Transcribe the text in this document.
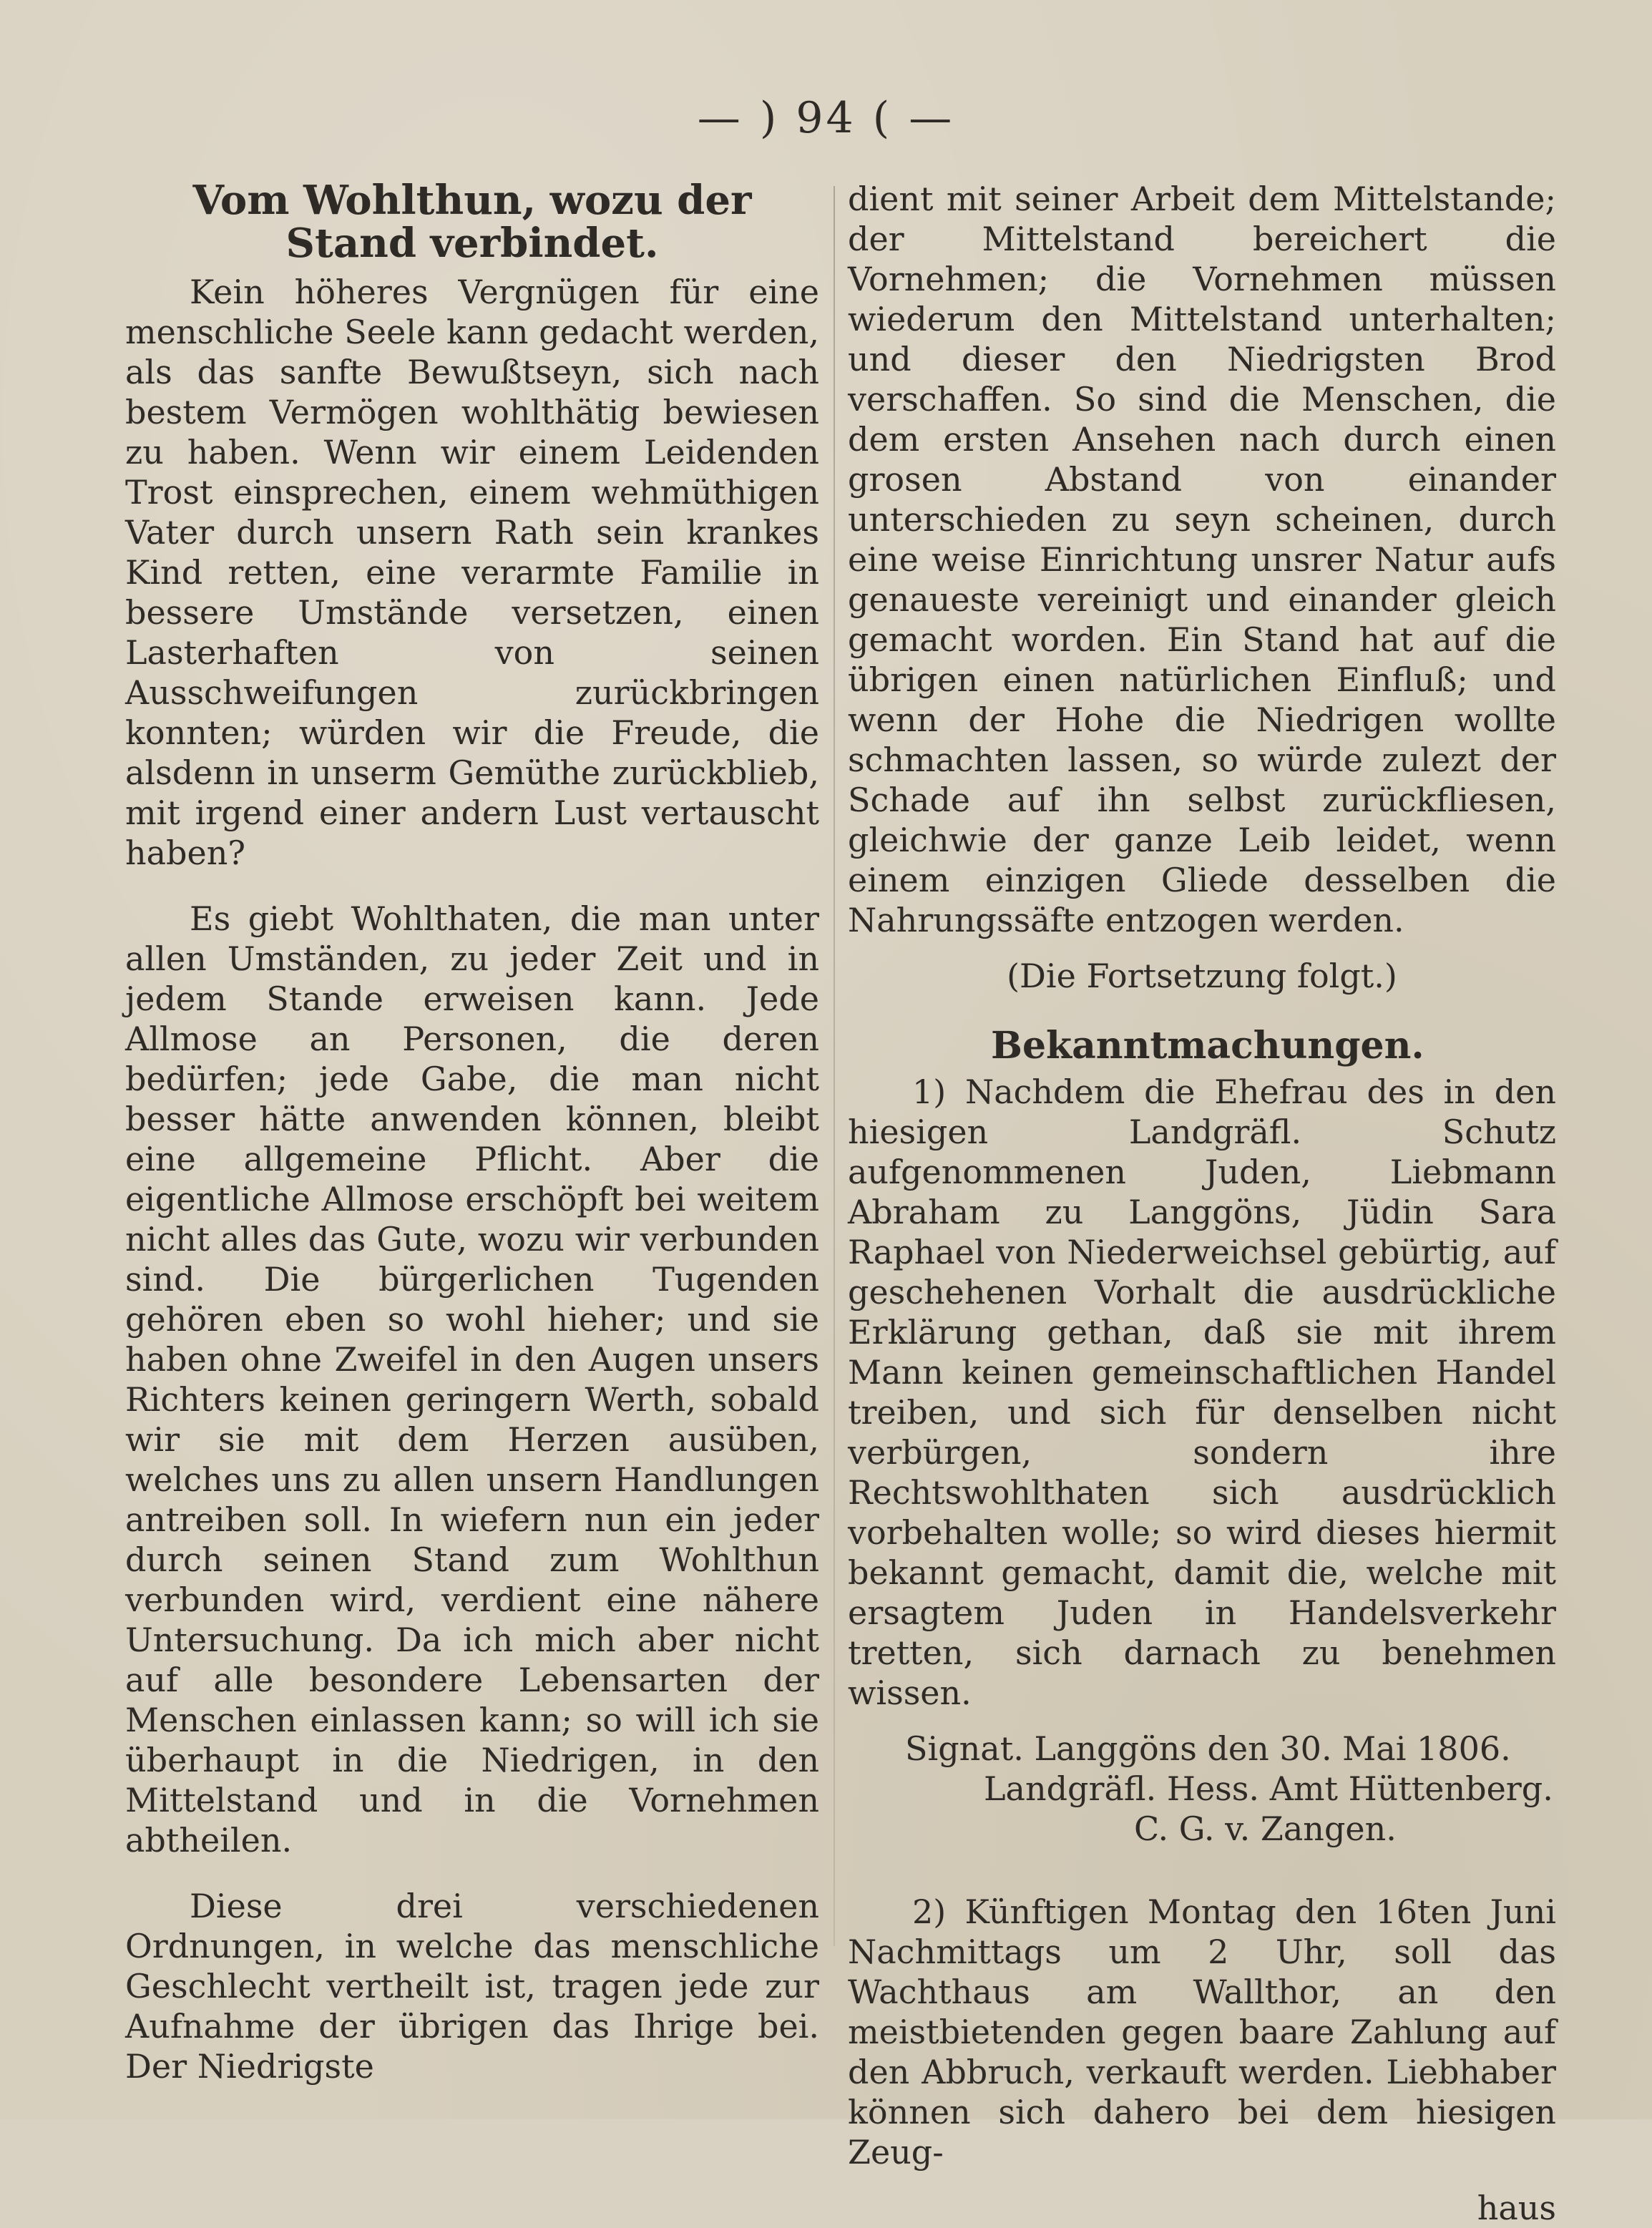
— ) 94 ( —

Vom Wohlthun, wozu der Stand verbindet.

Kein höheres Vergnügen für eine menschliche Seele kann gedacht werden, als das sanfte Bewußtseyn, sich nach bestem Vermögen wohlthätig bewiesen zu haben. Wenn wir einem Leidenden Trost einsprechen, einem wehmüthigen Vater durch unsern Rath sein krankes Kind retten, eine verarmte Familie in bessere Umstände versetzen, einen Lasterhaften von seinen Ausschweifungen zurückbringen konnten; würden wir die Freude, die alsdenn in unserm Gemüthe zurückblieb, mit irgend einer andern Lust vertauscht haben?

Es giebt Wohlthaten, die man unter allen Umständen, zu jeder Zeit und in jedem Stande erweisen kann. Jede Allmose an Personen, die deren bedürfen; jede Gabe, die man nicht besser hätte anwenden können, bleibt eine allgemeine Pflicht. Aber die eigentliche Allmose erschöpft bei weitem nicht alles das Gute, wozu wir verbunden sind. Die bürgerlichen Tugenden gehören eben so wohl hieher; und sie haben ohne Zweifel in den Augen unsers Richters keinen geringern Werth, sobald wir sie mit dem Herzen ausüben, welches uns zu allen unsern Handlungen antreiben soll. In wiefern nun ein jeder durch seinen Stand zum Wohlthun verbunden wird, verdient eine nähere Untersuchung. Da ich mich aber nicht auf alle besondere Lebensarten der Menschen einlassen kann; so will ich sie überhaupt in die Niedrigen, in den Mittelstand und in die Vornehmen abtheilen.

Diese drei verschiedenen Ordnungen, in welche das menschliche Geschlecht vertheilt ist, tragen jede zur Aufnahme der übrigen das Ihrige bei. Der Niedrigste

dient mit seiner Arbeit dem Mittelstande; der Mittelstand bereichert die Vornehmen; die Vornehmen müssen wiederum den Mittelstand unterhalten; und dieser den Niedrigsten Brod verschaffen. So sind die Menschen, die dem ersten Ansehen nach durch einen grosen Abstand von einander unterschieden zu seyn scheinen, durch eine weise Einrichtung unsrer Natur aufs genaueste vereinigt und einander gleich gemacht worden. Ein Stand hat auf die übrigen einen natürlichen Einfluß; und wenn der Hohe die Niedrigen wollte schmachten lassen, so würde zulezt der Schade auf ihn selbst zurückfliesen, gleichwie der ganze Leib leidet, wenn einem einzigen Gliede desselben die Nahrungssäfte entzogen werden.

(Die Fortsetzung folgt.)

Bekanntmachungen.

1) Nachdem die Ehefrau des in den hiesigen Landgräfl. Schutz aufgenommenen Juden, Liebmann Abraham zu Langgöns, Jüdin Sara Raphael von Niederweichsel gebürtig, auf geschehenen Vorhalt die ausdrückliche Erklärung gethan, daß sie mit ihrem Mann keinen gemeinschaftlichen Handel treiben, und sich für denselben nicht verbürgen, sondern ihre Rechtswohlthaten sich ausdrücklich vorbehalten wolle; so wird dieses hiermit bekannt gemacht, damit die, welche mit ersagtem Juden in Handelsverkehr tretten, sich darnach zu benehmen wissen.

Signat. Langgöns den 30. Mai 1806.

Landgräfl. Hess. Amt Hüttenberg.

C. G. v. Zangen.

2) Künftigen Montag den 16ten Juni Nachmittags um 2 Uhr, soll das Wachthaus am Wallthor, an den meistbietenden gegen baare Zahlung auf den Abbruch, verkauft werden. Liebhaber können sich dahero bei dem hiesigen Zeug-

haus
